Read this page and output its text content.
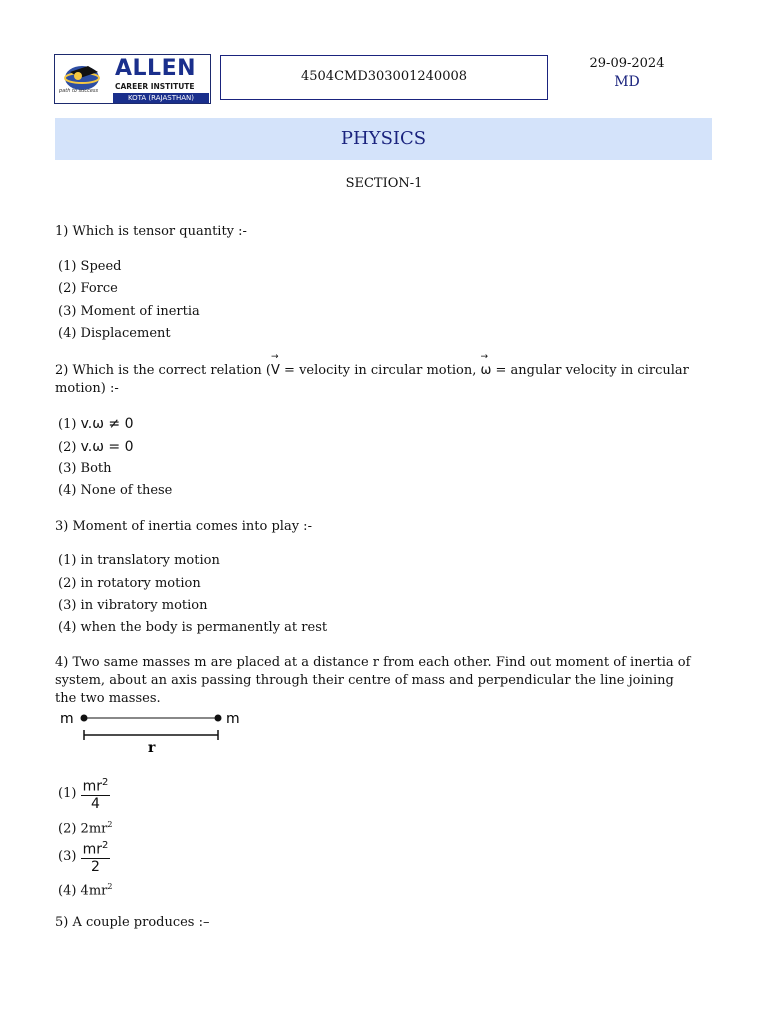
path to success
ALLEN
CAREER INSTITUTE
KOTA (RAJASTHAN)
4504CMD303001240008
29-09-2024
MD
PHYSICS
SECTION-1
1) Which is tensor quantity :-
(1) Speed
(2) Force
(3) Moment of inertia
(4) Displacement
2) Which is the correct relation (→ V = velocity in circular motion, → ω = angular velocity in circular motion) :-
(1) v.ω ≠ 0
(2) v.ω = 0
(3) Both
(4) None of these
3) Moment of inertia comes into play :-
(1) in translatory motion
(2) in rotatory motion
(3) in vibratory motion
(4) when the body is permanently at rest
4) Two same masses m are placed at a distance r from each other. Find out moment of inertia of system, about an axis passing through their centre of mass and perpendicular the line joining the two masses.
m	m
r
$(1) \frac{mr^2}{4}$
(2) $2mr^2$
$(3) \frac{mr^2}{2}$
(4) $4mr^2$
5) A couple produces :–
